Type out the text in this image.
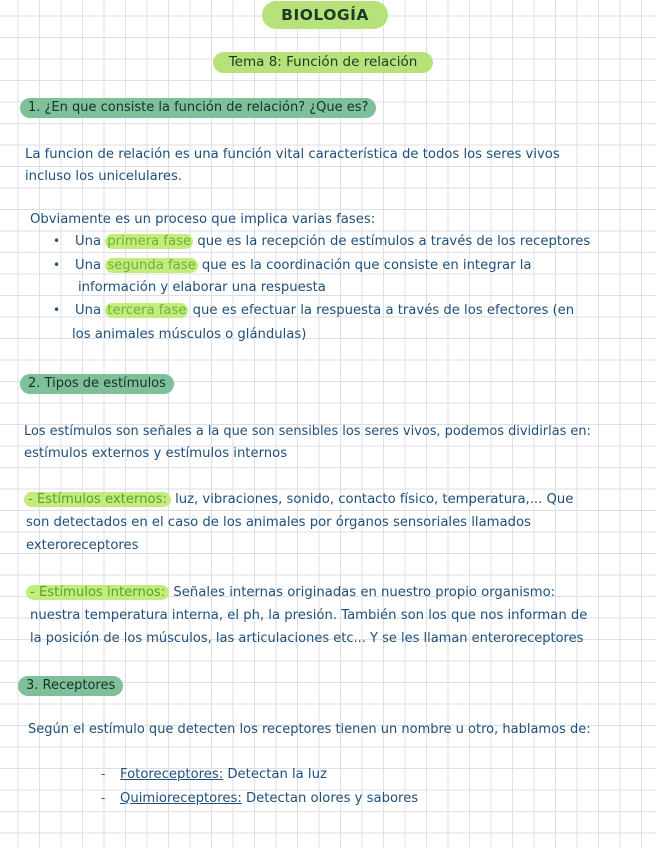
BIOLOGÍA
Tema 8: Función de relación
1. ¿En que consiste la función de relación? ¿Que es?
La funcion de relación es una función vital característica de todos los seres vivos
incluso los unicelulares.
Obviamente es un proceso que implica varias fases:
• Una primera fase que es la recepción de estímulos a través de los receptores
• Una segunda fase que es la coordinación que consiste en integrar la
información y elaborar una respuesta
• Una tercera fase que es efectuar la respuesta a través de los efectores (en
los animales músculos o glándulas)
2. Tipos de estímulos
Los estímulos son señales a la que son sensibles los seres vivos, podemos dividirlas en:
estímulos externos y estímulos internos
- Estímulos externos: luz, vibraciones, sonido, contacto físico, temperatura,... Que
son detectados en el caso de los animales por órganos sensoriales llamados
exteroreceptores
- Estímulos internos: Señales internas originadas en nuestro propio organismo:
nuestra temperatura interna, el ph, la presión. También son los que nos informan de
la posición de los músculos, las articulaciones etc... Y se les llaman enteroreceptores
3. Receptores
Según el estímulo que detecten los receptores tienen un nombre u otro, hablamos de:
- Fotoreceptores: Detectan la luz
- Quimioreceptores: Detectan olores y sabores
